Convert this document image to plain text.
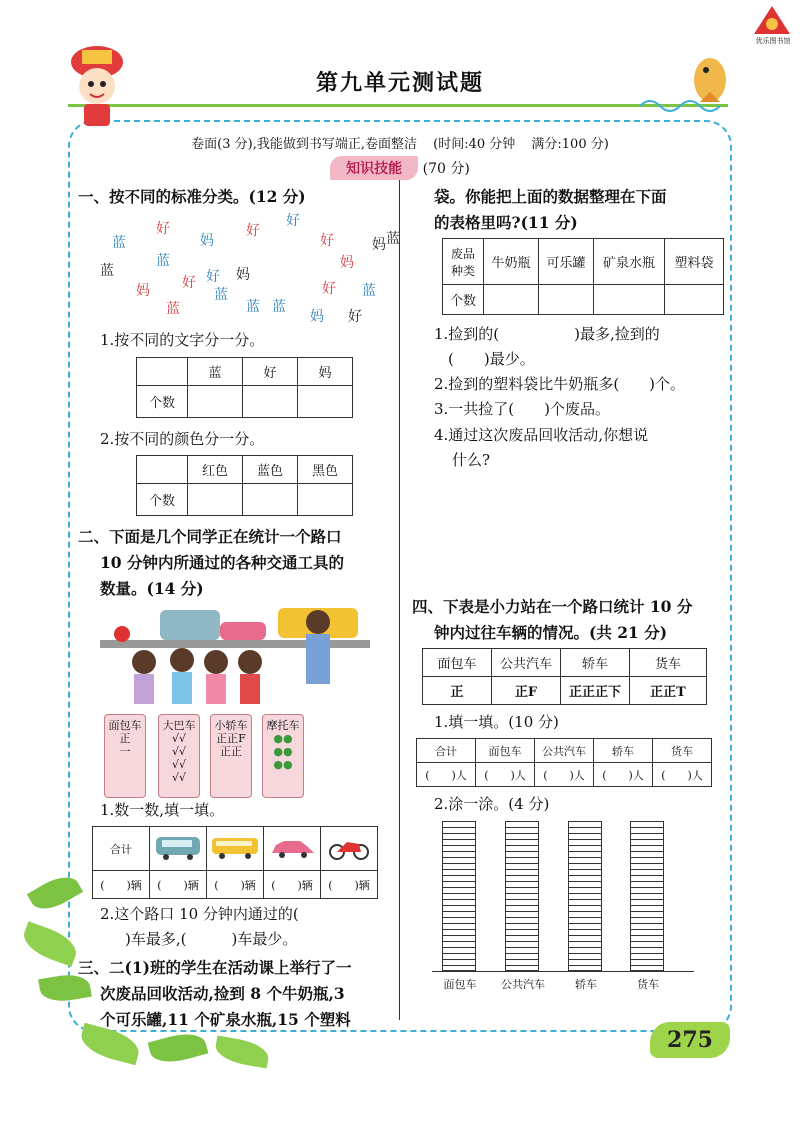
优乐图书馆
第九单元测试题
卷面(3 分),我能做到书写端正,卷面整洁 (时间:40 分钟 满分:100 分)
知识技能 (70 分)
一、按不同的标准分类。(12 分)
好	好
蓝	妈
好	蓝
好	妈
蓝
蓝
好 妈
妈
妈 好
蓝	好 蓝
蓝	蓝 蓝
妈 好
1.按不同的文字分一分。
	蓝	好	妈
个数			
2.按不同的颜色分一分。
	红色	蓝色	黑色
个数			
二、下面是几个同学正在统计一个路口
10 分钟内所通过的各种交通工具的
数量。(14 分)
面包车
正
一
大巴车
√√
√√
√√
√√
小轿车
正正F
正正
摩托车
●●
●●
●●
1.数一数,填一填。
合计				
(　　)辆	(　　)辆	(　　)辆	(　　)辆	(　　)辆
2.这个路口 10 分钟内通过的(　　
　)车最多,(　　　)车最少。
三、二(1)班的学生在活动课上举行了一
次废品回收活动,捡到 8 个牛奶瓶,3
个可乐罐,11 个矿泉水瓶,15 个塑料
袋。你能把上面的数据整理在下面
的表格里吗?(11 分)
废品
种类	牛奶瓶	可乐罐	矿泉水瓶	塑料袋
个数				
1.捡到的(　　　　　)最多,捡到的
(　　)最少。
2.捡到的塑料袋比牛奶瓶多(　　)个。
3.一共捡了(　　)个废品。
4.通过这次废品回收活动,你想说
什么?
四、下表是小力站在一个路口统计 10 分
钟内过往车辆的情况。(共 21 分)
面包车	公共汽车	轿车	货车
正	正F	正正正下	正正T
1.填一填。(10 分)
合计	面包车	公共汽车	轿车	货车
(　　)人	(　　)人	(　　)人	(　　)人	(　　)人
2.涂一涂。(4 分)
面包车	公共汽车	轿车	货车
275
